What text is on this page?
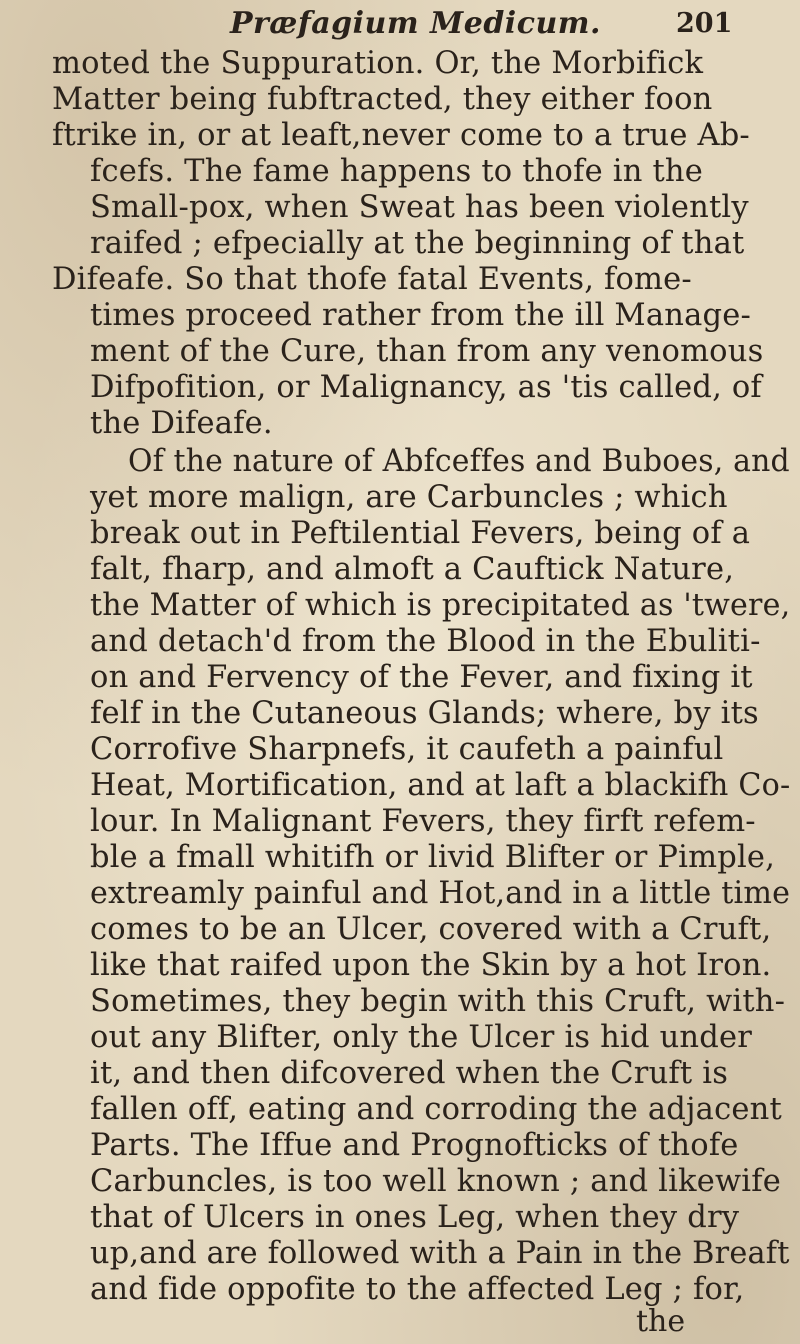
Præfagium Medicum.	201
moted the Suppuration. Or, the Morbifick
Matter being fubftracted, they either foon
ftrike in, or at leaft,never come to a true Ab-
fcefs. The fame happens to thofe in the
Small-pox, when Sweat has been violently
raifed ; efpecially at the beginning of that
Difeafe. So that thofe fatal Events, fome-
times proceed rather from the ill Manage-
ment of the Cure, than from any venomous
Difpofition, or Malignancy, as 'tis called, of
the Difeafe.
Of the nature of Abfceffes and Buboes, and
yet more malign, are Carbuncles ; which
break out in Peftilential Fevers, being of a
falt, fharp, and almoft a Cauftick Nature,
the Matter of which is precipitated as 'twere,
and detach'd from the Blood in the Ebuliti-
on and Fervency of the Fever, and fixing it
felf in the Cutaneous Glands; where, by its
Corrofive Sharpnefs, it caufeth a painful
Heat, Mortification, and at laft a blackifh Co-
lour. In Malignant Fevers, they firft refem-
ble a fmall whitifh or livid Blifter or Pimple,
extreamly painful and Hot,and in a little time
comes to be an Ulcer, covered with a Cruft,
like that raifed upon the Skin by a hot Iron.
Sometimes, they begin with this Cruft, with-
out any Blifter, only the Ulcer is hid under
it, and then difcovered when the Cruft is
fallen off, eating and corroding the adjacent
Parts. The Iffue and Prognofticks of thofe
Carbuncles, is too well known ; and likewife
that of Ulcers in ones Leg, when they dry
up,and are followed with a Pain in the Breaft
and fide oppofite to the affected Leg ; for,
the
